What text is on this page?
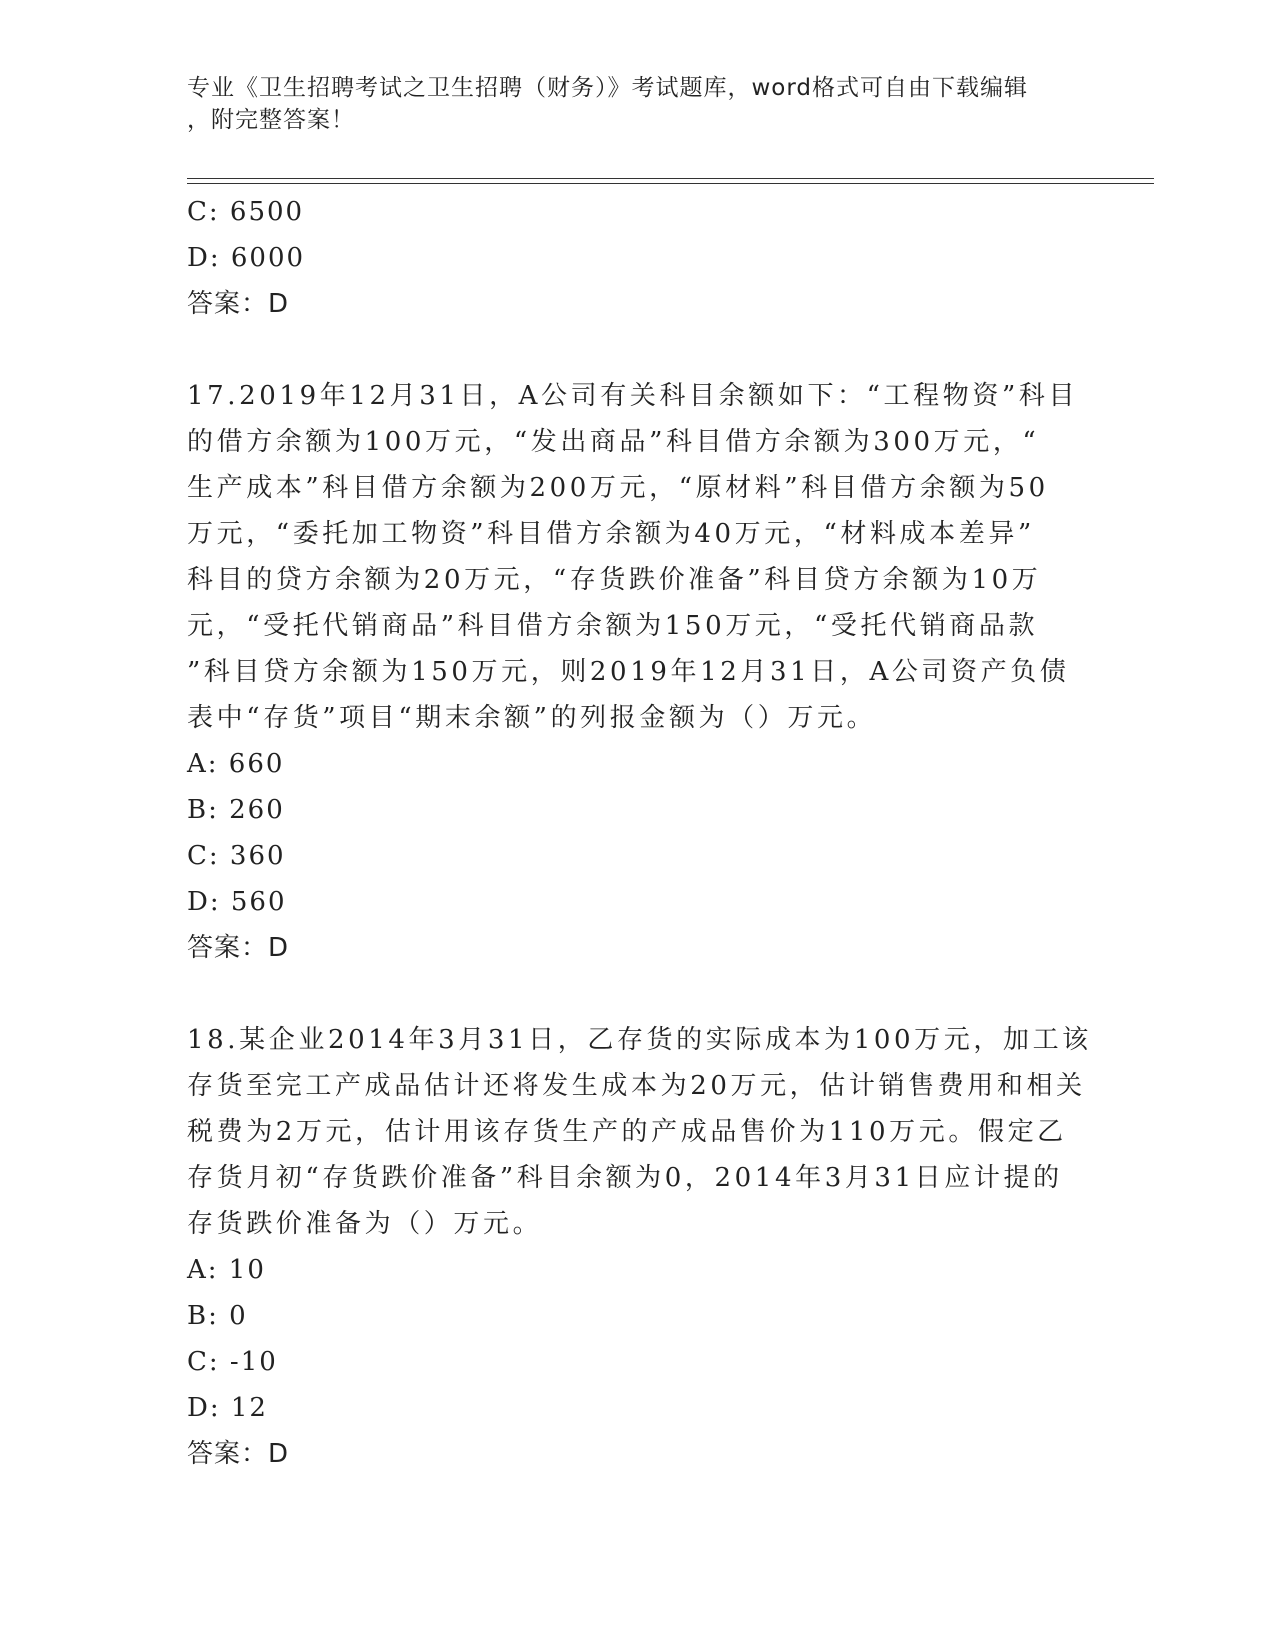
专业《卫生招聘考试之卫生招聘（财务）》考试题库，word格式可自由下载编辑
，附完整答案！
C: 6500
D: 6000
答案：D
17.2019年12月31日，A公司有关科目余额如下：“工程物资”科目
的借方余额为100万元，“发出商品”科目借方余额为300万元，“
生产成本”科目借方余额为200万元，“原材料”科目借方余额为50
万元，“委托加工物资”科目借方余额为40万元，“材料成本差异”
科目的贷方余额为20万元，“存货跌价准备”科目贷方余额为10万
元，“受托代销商品”科目借方余额为150万元，“受托代销商品款
”科目贷方余额为150万元，则2019年12月31日，A公司资产负债
表中“存货”项目“期末余额”的列报金额为（）万元。
A: 660
B: 260
C: 360
D: 560
答案：D
18.某企业2014年3月31日，乙存货的实际成本为100万元，加工该
存货至完工产成品估计还将发生成本为20万元，估计销售费用和相关
税费为2万元，估计用该存货生产的产成品售价为110万元。假定乙
存货月初“存货跌价准备”科目余额为0，2014年3月31日应计提的
存货跌价准备为（）万元。
A: 10
B: 0
C: -10
D: 12
答案：D
